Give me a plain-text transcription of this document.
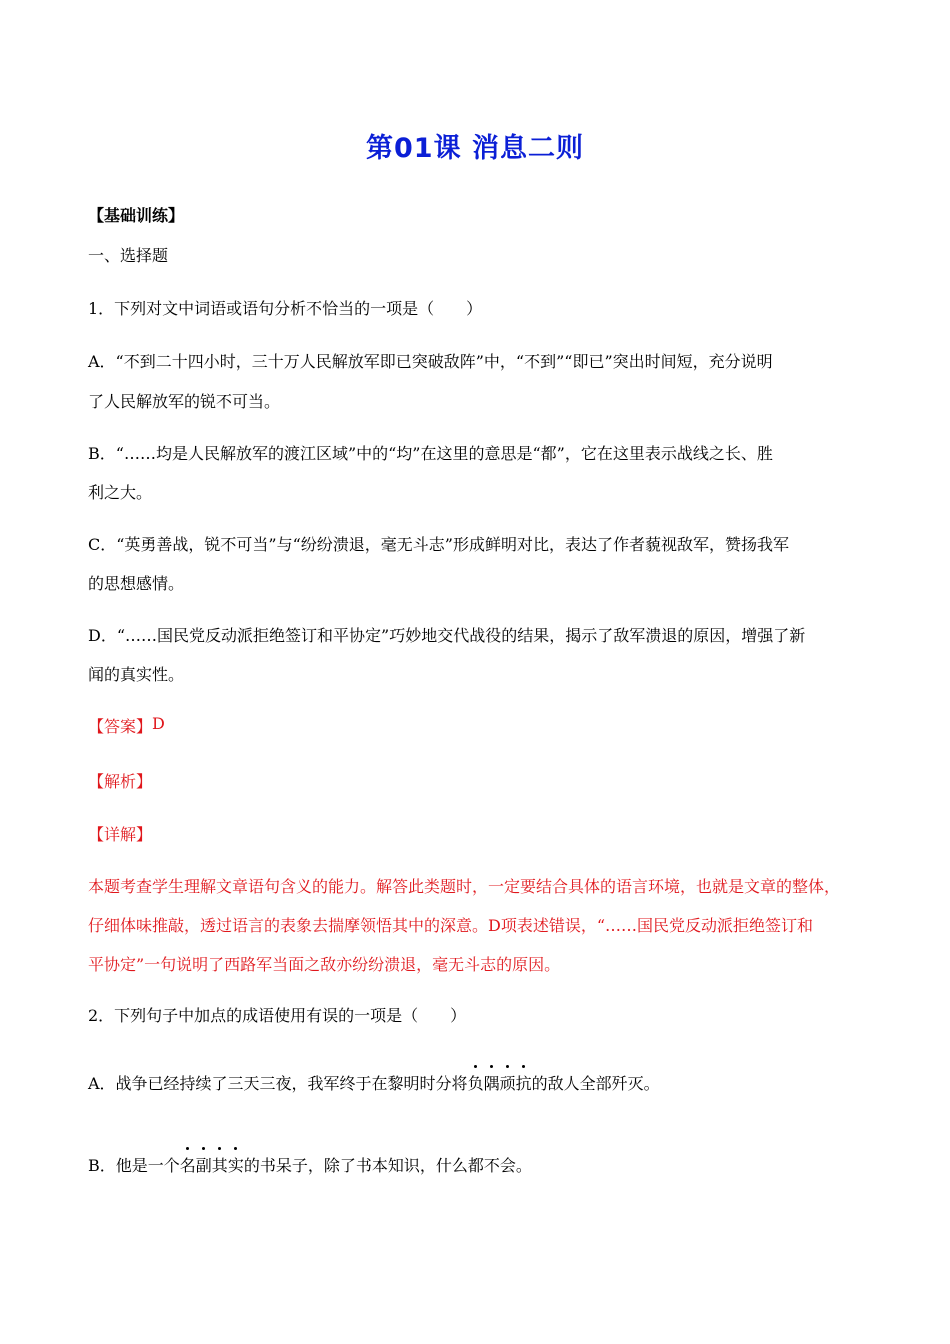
第01课 消息二则
【基础训练】
一、选择题
1．下列对文中词语或语句分析不恰当的一项是（　　）
A．“不到二十四小时，三十万人民解放军即已突破敌阵”中，“不到”“即已”突出时间短，充分说明
了人民解放军的锐不可当。
B．“……均是人民解放军的渡江区域”中的“均”在这里的意思是“都”，它在这里表示战线之长、胜
利之大。
C．“英勇善战，锐不可当”与“纷纷溃退，毫无斗志”形成鲜明对比，表达了作者藐视敌军，赞扬我军
的思想感情。
D．“……国民党反动派拒绝签订和平协定”巧妙地交代战役的结果，揭示了敌军溃退的原因，增强了新
闻的真实性。
【答案】D
【解析】
【详解】
本题考查学生理解文章语句含义的能力。解答此类题时，一定要结合具体的语言环境，也就是文章的整体，
仔细体味推敲，透过语言的表象去揣摩领悟其中的深意。D项表述错误，“……国民党反动派拒绝签订和
平协定”一句说明了西路军当面之敌亦纷纷溃退，毫无斗志的原因。
2．下列句子中加点的成语使用有误的一项是（　　）
A．战争已经持续了三天三夜，我军终于在黎明时分将负隅顽抗的敌人全部歼灭。
B．他是一个名副其实的书呆子，除了书本知识，什么都不会。
